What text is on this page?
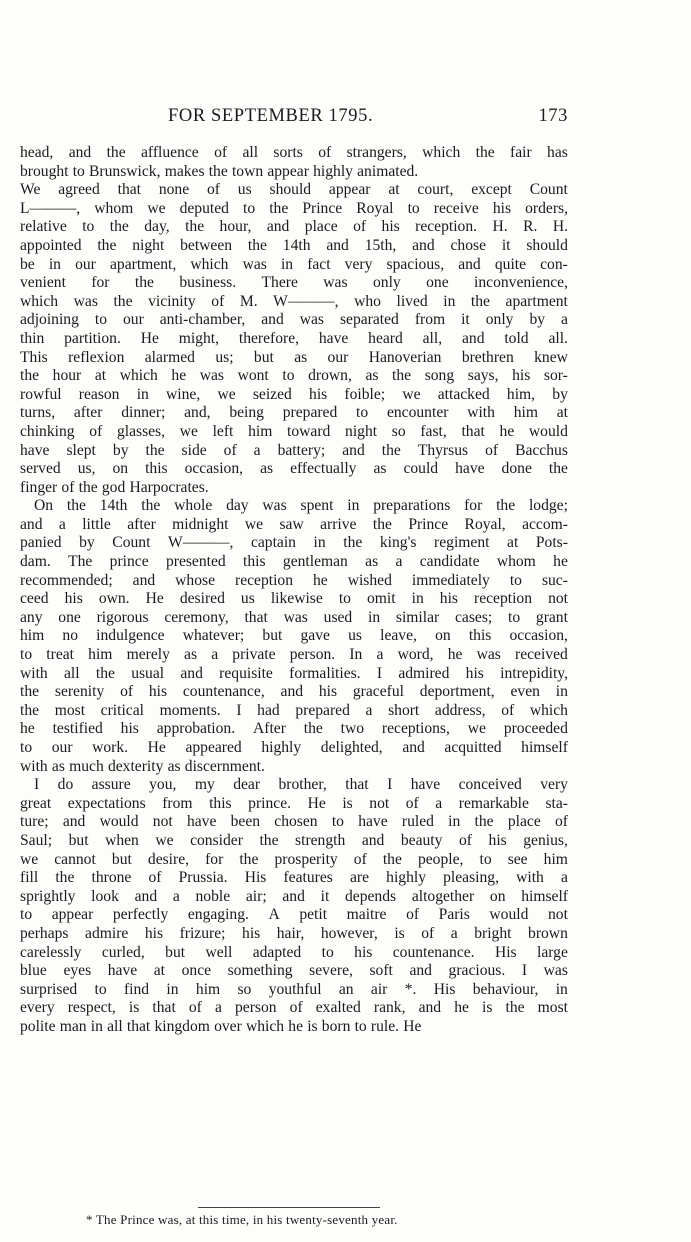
FOR SEPTEMBER 1795.	173
head, and the affluence of all sorts of strangers, which the fair has
brought to Brunswick, makes the town appear highly animated.
We agreed that none of us should appear at court, except Count
L———, whom we deputed to the Prince Royal to receive his orders,
relative to the day, the hour, and place of his reception. H. R. H.
appointed the night between the 14th and 15th, and chose it should
be in our apartment, which was in fact very spacious, and quite con-
venient for the business. There was only one inconvenience,
which was the vicinity of M. W———, who lived in the apartment
adjoining to our anti-chamber, and was separated from it only by a
thin partition. He might, therefore, have heard all, and told all.
This reflexion alarmed us; but as our Hanoverian brethren knew
the hour at which he was wont to drown, as the song says, his sor-
rowful reason in wine, we seized his foible; we attacked him, by
turns, after dinner; and, being prepared to encounter with him at
chinking of glasses, we left him toward night so fast, that he would
have slept by the side of a battery; and the Thyrsus of Bacchus
served us, on this occasion, as effectually as could have done the
finger of the god Harpocrates.
On the 14th the whole day was spent in preparations for the lodge;
and a little after midnight we saw arrive the Prince Royal, accom-
panied by Count W———, captain in the king's regiment at Pots-
dam. The prince presented this gentleman as a candidate whom he
recommended; and whose reception he wished immediately to suc-
ceed his own. He desired us likewise to omit in his reception not
any one rigorous ceremony, that was used in similar cases; to grant
him no indulgence whatever; but gave us leave, on this occasion,
to treat him merely as a private person. In a word, he was received
with all the usual and requisite formalities. I admired his intrepidity,
the serenity of his countenance, and his graceful deportment, even in
the most critical moments. I had prepared a short address, of which
he testified his approbation. After the two receptions, we proceeded
to our work. He appeared highly delighted, and acquitted himself
with as much dexterity as discernment.
I do assure you, my dear brother, that I have conceived very
great expectations from this prince. He is not of a remarkable sta-
ture; and would not have been chosen to have ruled in the place of
Saul; but when we consider the strength and beauty of his genius,
we cannot but desire, for the prosperity of the people, to see him
fill the throne of Prussia. His features are highly pleasing, with a
sprightly look and a noble air; and it depends altogether on himself
to appear perfectly engaging. A petit maitre of Paris would not
perhaps admire his frizure; his hair, however, is of a bright brown
carelessly curled, but well adapted to his countenance. His large
blue eyes have at once something severe, soft and gracious. I was
surprised to find in him so youthful an air *. His behaviour, in
every respect, is that of a person of exalted rank, and he is the most
polite man in all that kingdom over which he is born to rule. He
* The Prince was, at this time, in his twenty-seventh year.
